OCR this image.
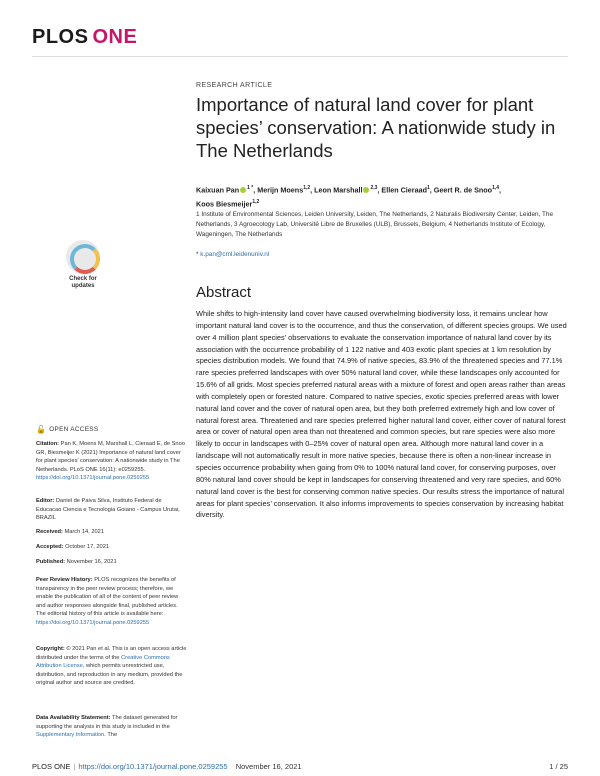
PLOS ONE
RESEARCH ARTICLE
Importance of natural land cover for plant species’ conservation: A nationwide study in The Netherlands
Kaixuan Pan $^{1 *}$, Merijn Moens$^{1,2}$, Leon Marshall $^{2,3}$, Ellen Cieraad$^1$, Geert R. de Snoo$^{1,4}$,
Koos Biesmeijer$^{1,2}$
1 Institute of Environmental Sciences, Leiden University, Leiden, The Netherlands, 2 Naturalis Biodiversity Center, Leiden, The Netherlands, 3 Agroecology Lab, Université Libre de Bruxelles (ULB), Brussels, Belgium, 4 Netherlands Institute of Ecology, Wageningen, The Netherlands
* k.pan@cml.leidenuniv.nl
Abstract

While shifts to high-intensity land cover have caused overwhelming biodiversity loss, it remains unclear how important natural land cover is to the occurrence, and thus the conservation, of different species groups. We used over 4 million plant species’ observations to evaluate the conservation importance of natural land cover by its association with the occurrence probability of 1 122 native and 403 exotic plant species at 1 km resolution by species distribution models. We found that 74.9% of native species, 83.9% of the threatened species and 77.1% rare species preferred landscapes with over 50% natural land cover, while these landscapes only accounted for 15.6% of all grids. Most species preferred natural areas with a mixture of forest and open areas rather than areas with completely open or forested nature. Compared to native species, exotic species preferred areas with lower natural land cover and the cover of natural open area, but they both preferred extremely high and low cover of natural forest area. Threatened and rare species preferred higher natural land cover, either cover of natural forest area or cover of natural open area than not threatened and common species, but rare species were also more likely to occur in landscapes with 0–25% cover of natural open area. Although more natural land cover in a landscape will not automatically result in more native species, because there is often a non-linear increase in species occurrence probability when going from 0% to 100% natural land cover, for conserving purposes, over 80% natural land cover should be kept in landscapes for conserving threatened and very rare species, and 60% natural land cover is the best for conserving common native species. Our results stress the importance of natural areas for plant species’ conservation. It also informs improvements to species conservation by increasing habitat diversity.

Check for
updates
🔓 OPEN ACCESS
Citation: Pan K, Moens M, Marshall L, Cieraad E, de Snoo GR, Biesmeijer K (2021) Importance of natural land cover for plant species’ conservation: A nationwide study in The Netherlands. PLoS ONE 16(11): e0259255. https://doi.org/10.1371/journal.pone.0259255
Editor: Daniel de Paiva Silva, Instituto Federal de Educacao Ciencia e Tecnologia Goiano - Campus Urutai, BRAZIL
Received: March 14, 2021
Accepted: October 17, 2021
Published: November 16, 2021
Peer Review History: PLOS recognizes the benefits of transparency in the peer review process; therefore, we enable the publication of all of the content of peer review and author responses alongside final, published articles. The editorial history of this article is available here: https://doi.org/10.1371/journal.pone.0259255
Copyright: © 2021 Pan et al. This is an open access article distributed under the terms of the Creative Commons Attribution License, which permits unrestricted use, distribution, and reproduction in any medium, provided the original author and source are credited.
Data Availability Statement: The dataset generated for supporting the analysis in this study is included in the Supplementary Information. The
PLOS ONE | https://doi.org/10.1371/journal.pone.0259255 November 16, 2021	1 / 25
